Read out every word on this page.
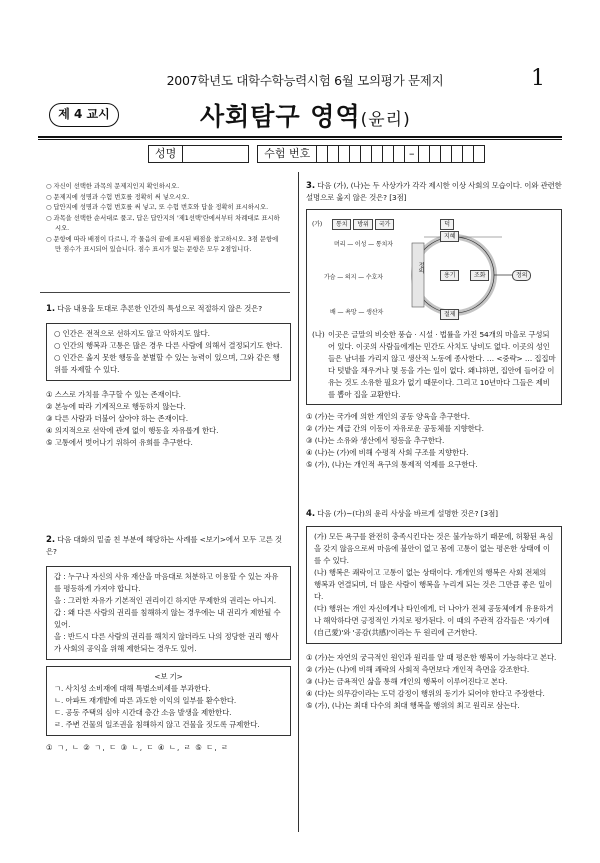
2007학년도 대학수학능력시험 6월 모의평가 문제지	1
제 4 교시	사회탐구 영역(윤리)
성명	수험 번호	–
○ 자신이 선택한 과목의 문제지인지 확인하시오.
○ 문제지에 성명과 수험 번호를 정확히 써 넣으시오.
○ 답안지에 성명과 수험 번호를 써 넣고, 또 수험 번호와 답을 정확히 표시하시오.
○ 과목을 선택한 순서대로 풀고, 답은 답안지의 '제1선택'란에서부터 차례대로 표시하시오.
○ 문항에 따라 배점이 다르니, 각 물음의 끝에 표시된 배점을 참고하시오. 3점 문항에만 점수가 표시되어 있습니다. 점수 표시가 없는 문항은 모두 2점입니다.
1. 다음 내용을 토대로 추론한 인간의 특성으로 적절하지 않은 것은?
○ 인간은 전적으로 선하지도 않고 악하지도 않다.
○ 인간의 행복과 고통은 많은 경우 다른 사람에 의해서 결정되기도 한다.
○ 인간은 옳지 못한 행동을 분별할 수 있는 능력이 있으며, 그와 같은 행위를 자제할 수 있다.
① 스스로 가치를 추구할 수 있는 존재이다.
② 본능에 따라 기계적으로 행동하지 않는다.
③ 다른 사람과 더불어 살아야 하는 존재이다.
④ 의지적으로 선악에 관계 없이 행동을 자유롭게 한다.
⑤ 고통에서 벗어나기 위하여 유희를 추구한다.
2. 다음 대화의 밑줄 친 부분에 해당하는 사례를 <보기>에서 모두 고른 것은?
갑 : 누구나 자신의 사유 재산을 마음대로 처분하고 이용할 수 있는 자유를 평등하게 가져야 합니다.
을 : 그러한 자유가 기본적인 권리이긴 하지만 무제한의 권리는 아니지.
갑 : 왜 다른 사람의 권리를 침해하지 않는 경우에는 내 권리가 제한될 수 있어.
을 : 반드시 다른 사람의 권리를 해치지 않더라도 나의 정당한 권리 행사가 사회의 공익을 위해 제한되는 경우도 있어.
<보 기>
ㄱ. 사치성 소비재에 대해 특별소비세를 부과한다.
ㄴ. 아파트 재개발에 따른 과도한 이익의 일부를 환수한다.
ㄷ. 공동 주택의 심야 시간대 층간 소음 발생을 제한한다.
ㄹ. 주변 건물의 일조권을 침해하지 않고 건물을 짓도록 규제한다.
① ㄱ, ㄴ ② ㄱ, ㄷ ③ ㄴ, ㄷ ④ ㄴ, ㄹ ⑤ ㄷ, ㄹ
3. 다음 (가), (나)는 두 사상가가 각각 제시한 이상 사회의 모습이다. 이와 관련한 설명으로 옳지 않은 것은? [3점]
(가)	통치	방위	국가	덕
머리 — 이성 — 통치자
가슴 — 의지 — 수호자
배 — 욕망 — 생산자
정의
지혜
용기
절제
조화	정의
(나) 이곳은 글말의 비슷한 풍습 · 시설 · 법률을 가진 54개의 마을로 구성되어 있다. 이곳의 사람들에게는 민간도 사치도 낭비도 없다. 이곳의 성인들은 남녀를 가리지 않고 생산적 노동에 종사한다. … <중략> … 집집마다 텃밭을 채우거나 몇 동을 가는 일이 없다. 왜냐하면, 집안에 들어갈 이유는 것도 소유한 필요가 없기 때문이다. 그리고 10년마다 그들은 제비를 뽑아 집을 교환한다.
① (가)는 국가에 의한 개인의 공동 양육을 추구한다.
② (가)는 계급 간의 이동이 자유로운 공동체를 지향한다.
③ (나)는 소유와 생산에서 평등을 추구한다.
④ (나)는 (가)에 비해 수평적 사회 구조를 지향한다.
⑤ (가), (나)는 개인적 욕구의 통제적 억제를 요구한다.
4. 다음 (가)~(다)의 윤리 사상을 바르게 설명한 것은? [3점]
(가) 모든 욕구를 완전히 충족시킨다는 것은 불가능하기 때문에, 허황된 욕심을 갖지 않음으로써 마음에 불안이 없고 몸에 고통이 없는 평온한 상태에 이를 수 있다.
(나) 행복은 쾌락이고 고통이 없는 상태이다. 개개인의 행복은 사회 전체의 행복과 연결되며, 더 많은 사람이 행복을 누리게 되는 것은 그만큼 좋은 일이다.
(다) 행위는 개인 자신에게나 타인에게, 더 나아가 전체 공동체에게 유용하거나 해악하다면 긍정적인 가치로 평가된다. 이 때의 주관적 감각들은 '자기애(自己愛)'와 '공감(共感)'이라는 두 원리에 근거한다.
① (가)는 자연의 궁극적인 원인과 원리를 알 때 평온한 행복이 가능하다고 본다.
② (가)는 (나)에 비해 쾌락의 사회적 측면보다 개인적 측면을 강조한다.
③ (나)는 금욕적인 삶을 통해 개인의 행복이 이루어진다고 본다.
④ (다)는 의무감이라는 도덕 감정이 행위의 동기가 되어야 한다고 주장한다.
⑤ (가), (나)는 최대 다수의 최대 행복을 행위의 최고 원리로 삼는다.
